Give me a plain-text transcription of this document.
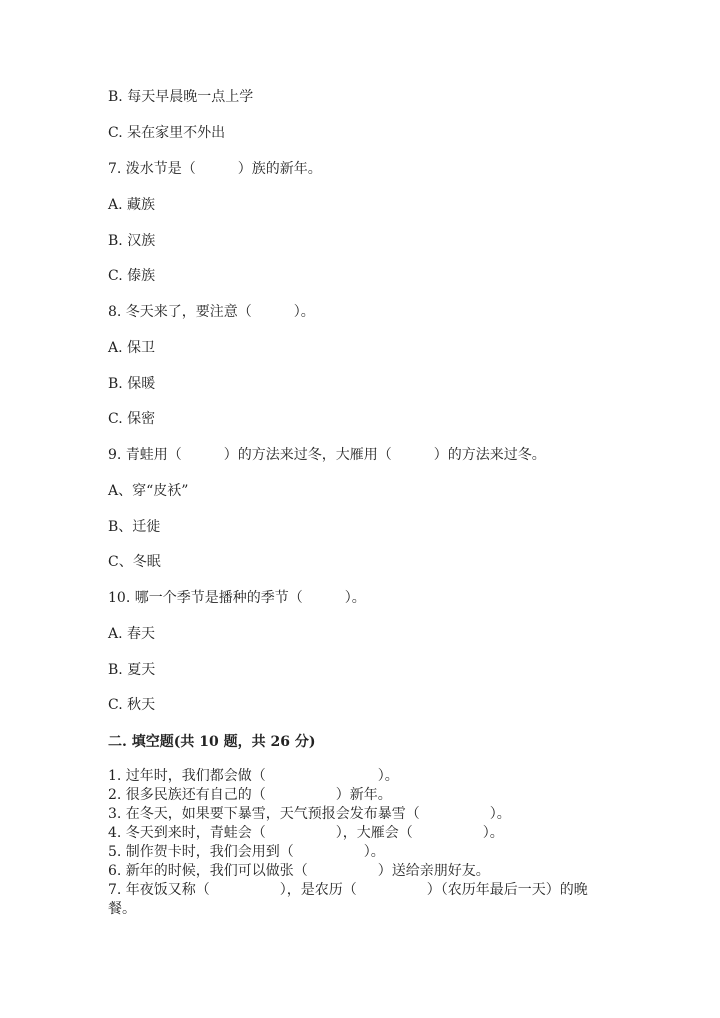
B. 每天早晨晚一点上学
C. 呆在家里不外出
7. 泼水节是（　　　）族的新年。
A. 藏族
B. 汉族
C. 傣族
8. 冬天来了，要注意（　　　）。
A. 保卫
B. 保暖
C. 保密
9. 青蛙用（　　　）的方法来过冬，大雁用（　　　）的方法来过冬。
A、穿“皮袄”
B、迁徙
C、冬眠
10. 哪一个季节是播种的季节（　　　）。
A. 春天
B. 夏天
C. 秋天
二. 填空题(共 10 题，共 26 分)
1. 过年时，我们都会做（　　　　　　　　）。
2. 很多民族还有自己的（　　　　　）新年。
3. 在冬天，如果要下暴雪，天气预报会发布暴雪（　　　　　）。
4. 冬天到来时，青蛙会（　　　　　），大雁会（　　　　　）。
5. 制作贺卡时，我们会用到（　　　　　）。
6. 新年的时候，我们可以做张（　　　　　）送给亲朋好友。
7. 年夜饭又称（　　　　　），是农历（　　　　　）（农历年最后一天）的晚
餐。
